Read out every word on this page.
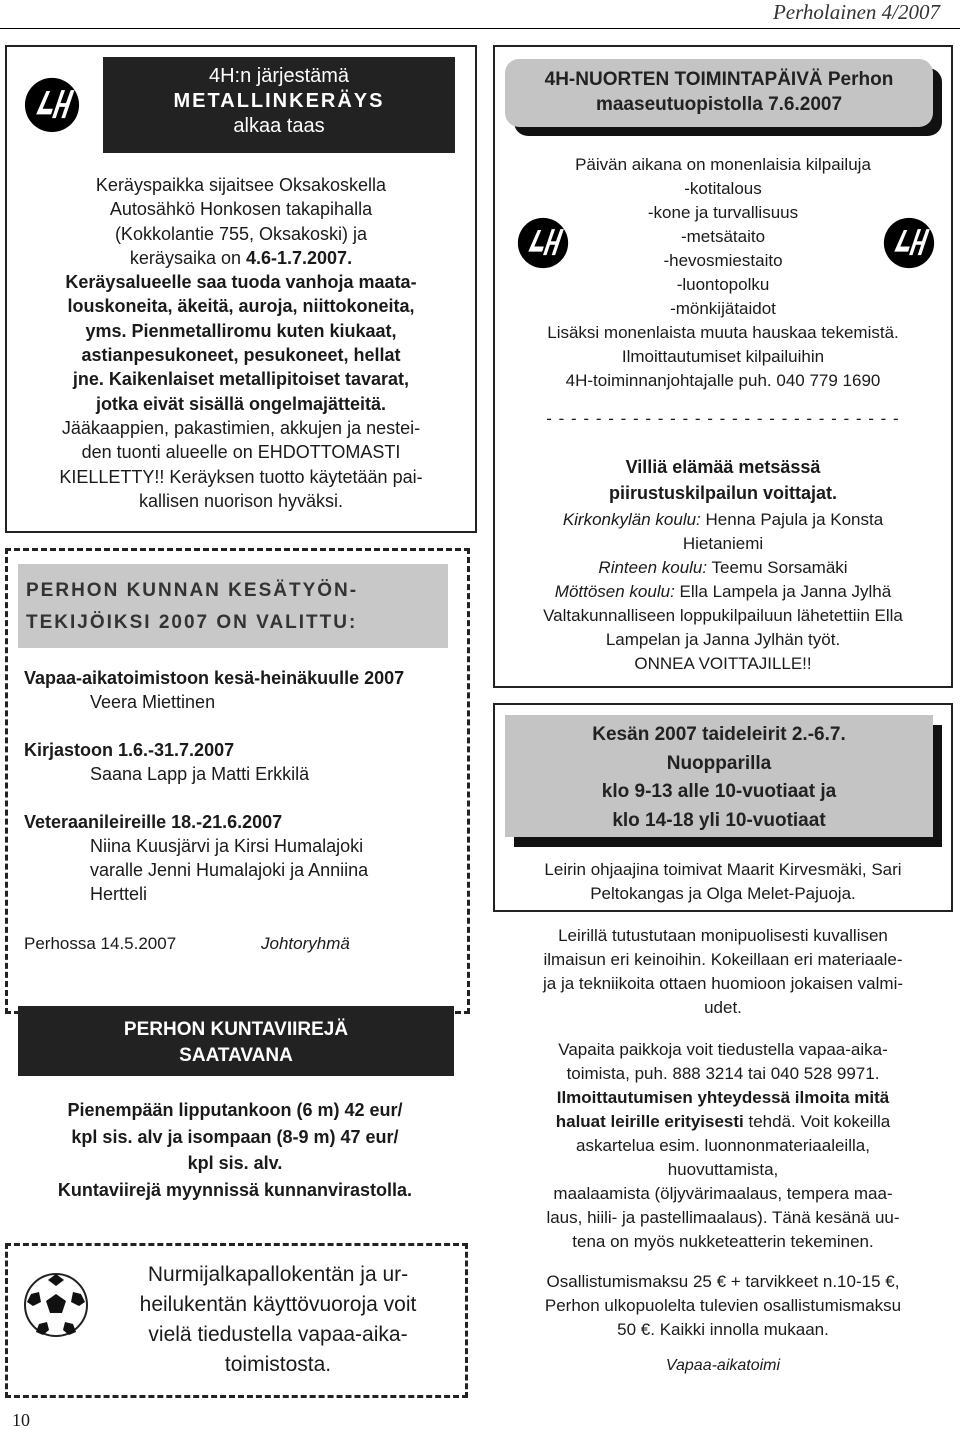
Perholainen 4/2007
10
4H:n järjestämä
METALLINKERÄYS
alkaa taas
Keräyspaikka sijaitsee Oksakoskella
Autosähkö Honkosen takapihalla
(Kokkolantie 755, Oksakoski) ja
keräysaika on 4.6-1.7.2007.
Keräysalueelle saa tuoda vanhoja maata-
louskoneita, äkeitä, auroja, niittokoneita,
yms. Pienmetalliromu kuten kiukaat,
astianpesukoneet, pesukoneet, hellat
jne. Kaikenlaiset metallipitoiset tavarat,
jotka eivät sisällä ongelmajätteitä.
Jääkaappien, pakastimien, akkujen ja nestei-
den tuonti alueelle on EHDOTTOMASTI
KIELLETTY!! Keräyksen tuotto käytetään pai-
kallisen nuorison hyväksi.
PERHON KUNNAN KESÄTYÖN-
TEKIJÖIKSI 2007 ON VALITTU:
Vapaa-aikatoimistoon kesä-heinäkuulle 2007
Veera Miettinen
Kirjastoon 1.6.-31.7.2007
Saana Lapp ja Matti Erkkilä
Veteraanileireille 18.-21.6.2007
Niina Kuusjärvi ja Kirsi Humalajoki
varalle Jenni Humalajoki ja Anniina
Hertteli
Perhossa 14.5.2007	Johtoryhmä
PERHON KUNTAVIIREJÄ
SAATAVANA
Pienempään lipputankoon (6 m) 42 eur/
kpl sis. alv ja isompaan (8-9 m) 47 eur/
kpl sis. alv.
Kuntaviirejä myynnissä kunnanvirastolla.
Nurmijalkapallokentän ja ur-
heilukentän käyttövuoroja voit
vielä tiedustella vapaa-aika-
toimistosta.
4H-NUORTEN TOIMINTAPÄIVÄ Perhon
maaseutuopistolla 7.6.2007
Päivän aikana on monenlaisia kilpailuja
-kotitalous
-kone ja turvallisuus
-metsätaito
-hevosmiestaito
-luontopolku
-mönkijätaidot
Lisäksi monenlaista muuta hauskaa tekemistä.
Ilmoittautumiset kilpailuihin
4H-toiminnanjohtajalle puh. 040 779 1690
- - - - - - - - - - - - - - - - - - - - - - - - - - - - -
Villiä elämää metsässä
piirustuskilpailun voittajat.
Kirkonkylän koulu: Henna Pajula ja Konsta
Hietaniemi
Rinteen koulu: Teemu Sorsamäki
Möttösen koulu: Ella Lampela ja Janna Jylhä
Valtakunnalliseen loppukilpailuun lähetettiin Ella
Lampelan ja Janna Jylhän työt.
ONNEA VOITTAJILLE!!
Kesän 2007 taideleirit 2.-6.7.
Nuopparilla
klo 9-13 alle 10-vuotiaat ja
klo 14-18 yli 10-vuotiaat
Leirin ohjaajina toimivat Maarit Kirvesmäki, Sari
Peltokangas ja Olga Melet-Pajuoja.
Leirillä tutustutaan monipuolisesti kuvallisen
ilmaisun eri keinoihin. Kokeillaan eri materiaale-
ja ja tekniikoita ottaen huomioon jokaisen valmi-
udet.
Vapaita paikkoja voit tiedustella vapaa-aika-
toimista, puh. 888 3214 tai 040 528 9971.
Ilmoittautumisen yhteydessä ilmoita mitä
haluat leirille erityisesti tehdä. Voit kokeilla
askartelua esim. luonnonmateriaaleilla,
huovuttamista,
maalaamista (öljyvärimaalaus, tempera maa-
laus, hiili- ja pastellimaalaus). Tänä kesänä uu-
tena on myös nukketeatterin tekeminen.
Osallistumismaksu 25 € + tarvikkeet n.10-15 €,
Perhon ulkopuolelta tulevien osallistumismaksu
50 €. Kaikki innolla mukaan.
Vapaa-aikatoimi
